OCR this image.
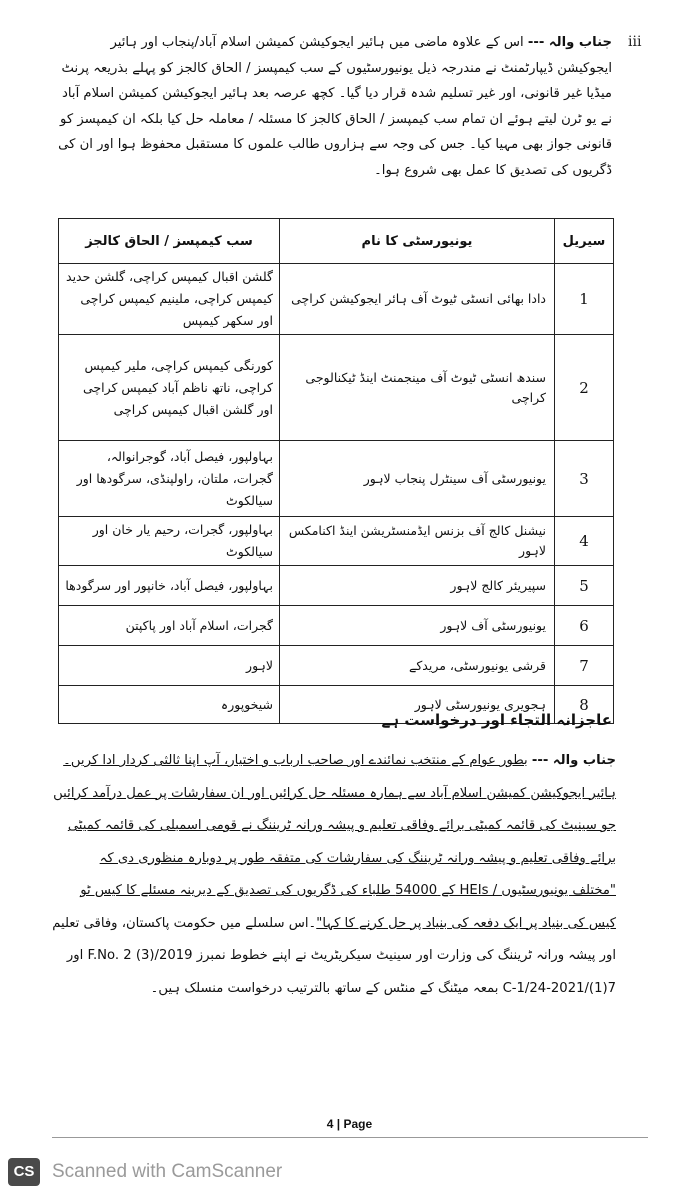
iii
جناب والہ --- اس کے علاوہ ماضی میں ہائیر ایجوکیشن کمیشن اسلام آباد/پنجاب اور ہائیر ایجوکیشن ڈیپارٹمنٹ نے مندرجہ ذیل یونیورسٹیوں کے سب کیمپسز / الحاق کالجز کو پہلے بذریعہ پرنٹ میڈیا غیر قانونی، اور غیر تسلیم شدہ قرار دیا گیا۔ کچھ عرصہ بعد ہائیر ایجوکیشن کمیشن اسلام آباد نے یو ٹرن لیتے ہوئے ان تمام سب کیمپسز / الحاق کالجز کا مسئلہ / معاملہ حل کیا بلکہ ان کیمپسز کو قانونی جواز بھی مہیا کیا۔ جس کی وجہ سے ہزاروں طالب علموں کا مستقبل محفوظ ہوا اور ان کی ڈگریوں کی تصدیق کا عمل بھی شروع ہوا۔
سیریل	یونیورسٹی کا نام	سب کیمپسز / الحاق کالجز
1	دادا بھائی انسٹی ٹیوٹ آف ہائر ایجوکیشن کراچی	گلشن اقبال کیمپس کراچی، گلشن حدید کیمپس کراچی، ملینیم کیمپس کراچی اور سکھر کیمپس
2	سندھ انسٹی ٹیوٹ آف مینجمنٹ اینڈ ٹیکنالوجی کراچی	کورنگی کیمپس کراچی، ملیر کیمپس کراچی، ناتھ ناظم آباد کیمپس کراچی اور گلشن اقبال کیمپس کراچی
3	یونیورسٹی آف سینٹرل پنجاب لاہور	بہاولپور، فیصل آباد، گوجرانوالہ، گجرات، ملتان، راولپنڈی، سرگودھا اور سیالکوٹ
4	نیشنل کالج آف بزنس ایڈمنسٹریشن اینڈ اکنامکس لاہور	بہاولپور، گجرات، رحیم یار خان اور سیالکوٹ
5	سپیریئر کالج لاہور	بہاولپور، فیصل آباد، خانپور اور سرگودھا
6	یونیورسٹی آف لاہور	گجرات، اسلام آباد اور پاکپتن
7	قرشی یونیورسٹی، مریدکے	لاہور
8	ہجویری یونیورسٹی لاہور	شیخوپورہ
عاجزانہ التجاء اور درخواست ہے
جناب والہ --- بطور عوام کے منتخب نمائندے اور صاحب ارباب و اختیار، آپ اپنا ثالثی کردار ادا کریں۔ ہائیر ایجوکیشن کمیشن اسلام آباد سے ہمارہ مسئلہ حل کرائیں اور ان سفارشات پر عمل درآمد کرائیں جو سینیٹ کی قائمہ کمیٹی برائے وفاقی تعلیم و پیشہ ورانہ ٹریننگ نے قومی اسمبلی کی قائمہ کمیٹی برائے وفاقی تعلیم و پیشہ ورانہ ٹریننگ کی سفارشات کی متفقہ طور پر دوبارہ منظوری دی کہ "مختلف یونیورسٹیوں / HEIs کے 54000 طلباء کی ڈگریوں کی تصدیق کے دیرینہ مسئلے کا کیس ٹو کیس کی بنیاد پر ایک دفعہ کی بنیاد پر حل کرنے کا کہا"۔اس سلسلے میں حکومت پاکستان، وفاقی تعلیم اور پیشہ ورانہ ٹریننگ کی وزارت اور سینیٹ سیکریٹریٹ نے اپنے خطوط نمبرز F.No. 2 (3)/2019 اور C-1/24-2021/(1)7 بمعہ میٹنگ کے منٹس کے ساتھ بالترتیب درخواست منسلک ہیں۔
4 | Page
CS Scanned with CamScanner
